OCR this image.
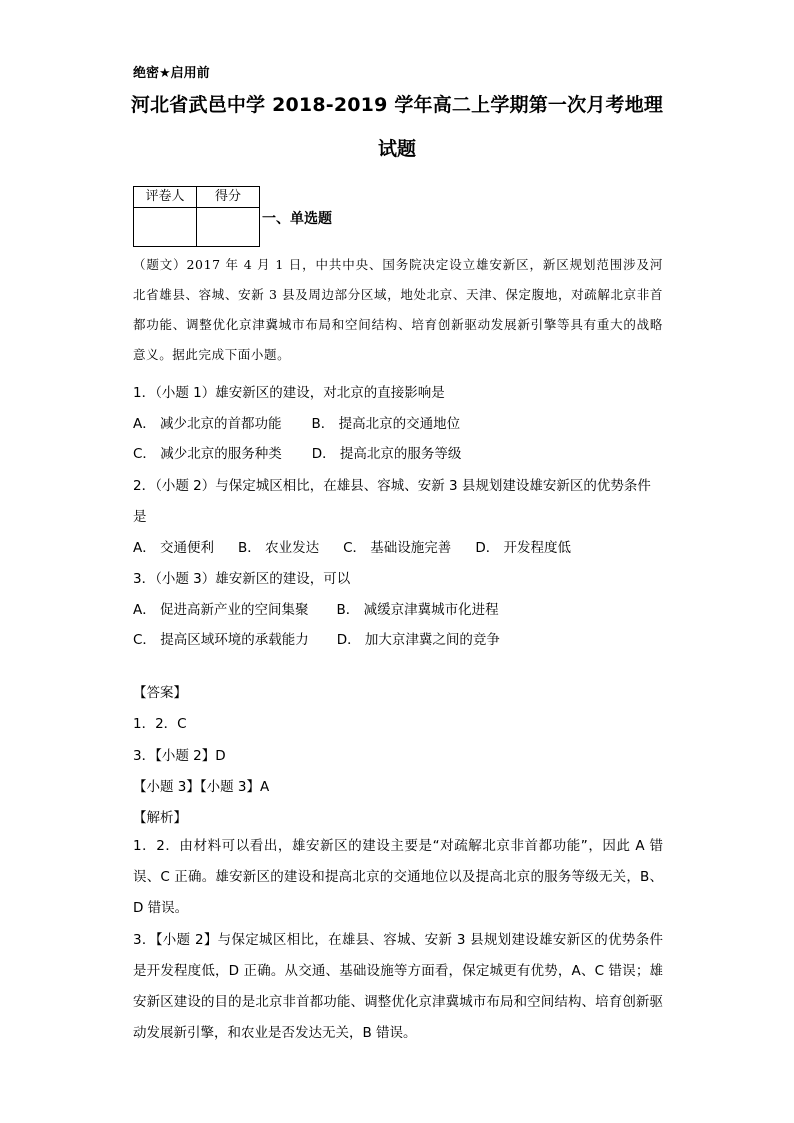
绝密★启用前
河北省武邑中学 2018-2019 学年高二上学期第一次月考地理
试题
评卷人	得分

一、单选题
（题文）2017 年 4 月 1 日，中共中央、国务院决定设立雄安新区，新区规划范围涉及河北省雄县、容城、安新 3 县及周边部分区域，地处北京、天津、保定腹地，对疏解北京非首都功能、调整优化京津冀城市布局和空间结构、培育创新驱动发展新引擎等具有重大的战略意义。据此完成下面小题。
1．（小题 1）雄安新区的建设，对北京的直接影响是
A． 减少北京的首都功能 B． 提高北京的交通地位
C． 减少北京的服务种类 D． 提高北京的服务等级
2．（小题 2）与保定城区相比，在雄县、容城、安新 3 县规划建设雄安新区的优势条件
是
A． 交通便利 B． 农业发达 C． 基础设施完善 D． 开发程度低
3．（小题 3）雄安新区的建设，可以
A． 促进高新产业的空间集聚 B． 减缓京津冀城市化进程
C． 提高区域环境的承载能力 D． 加大京津冀之间的竞争
【答案】
1．2．C
3．【小题 2】D
【小题 3】【小题 3】A
【解析】
1．2．由材料可以看出，雄安新区的建设主要是“对疏解北京非首都功能”，因此 A 错误、C 正确。雄安新区的建设和提高北京的交通地位以及提高北京的服务等级无关，B、D 错误。
3．【小题 2】与保定城区相比，在雄县、容城、安新 3 县规划建设雄安新区的优势条件是开发程度低，D 正确。从交通、基础设施等方面看，保定城更有优势，A、C 错误；雄安新区建设的目的是北京非首都功能、调整优化京津冀城市布局和空间结构、培育创新驱动发展新引擎，和农业是否发达无关，B 错误。
